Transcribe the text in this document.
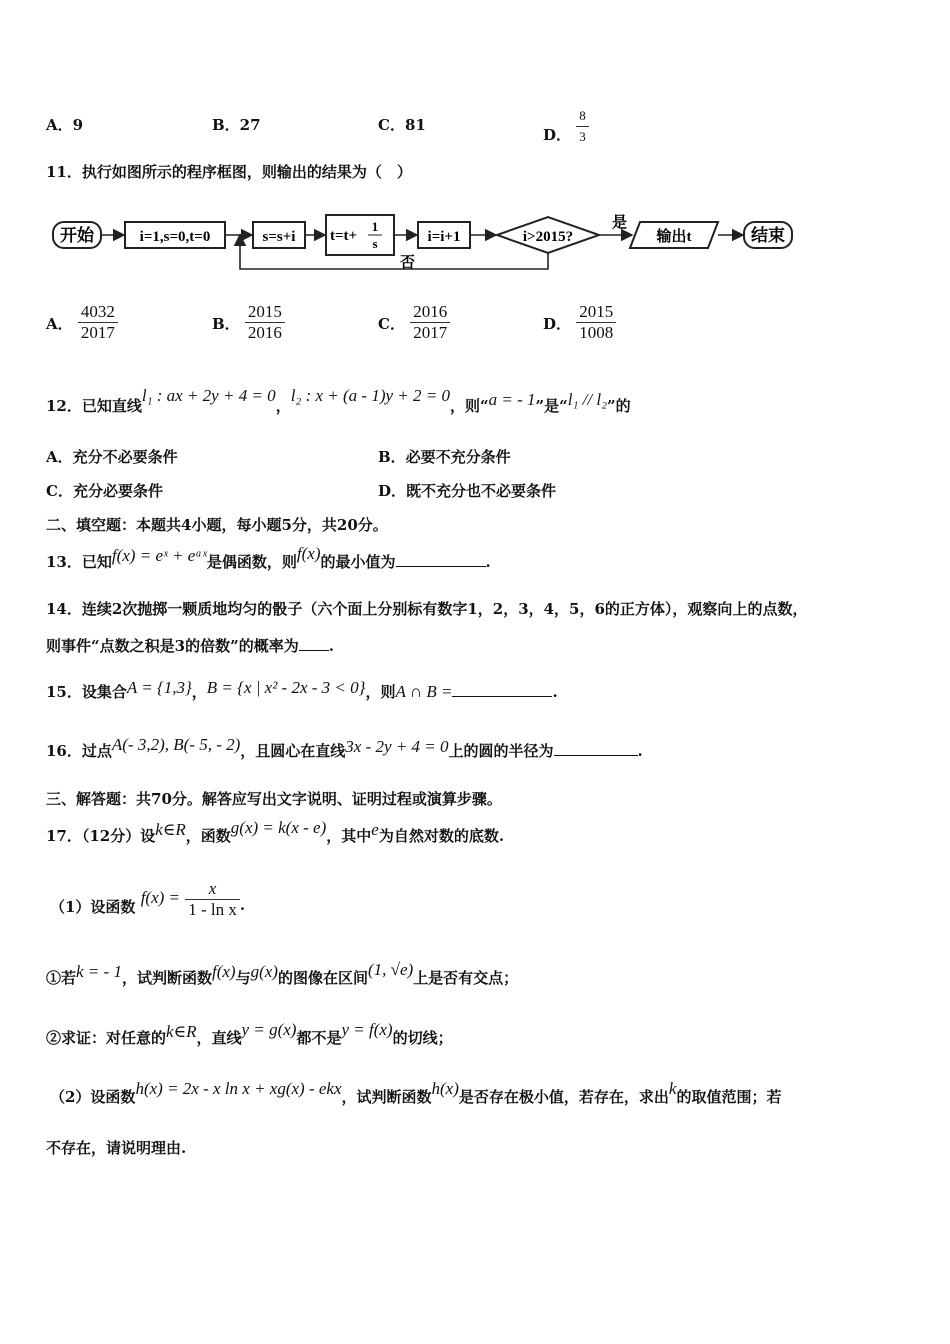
A．9	B．27	C．81
D． $\frac{8}{3}$
11．执行如图所示的程序框图，则输出的结果为（　）
开始	i=1,s=0,t=0	s=s+i t=t+
1
s	i=i+1	i>2015?
是
输出t	结束
否
A． $\frac{4032}{2017}$	B． $\frac{2015}{2016}$	C． $\frac{2016}{2017}$	D． $\frac{2015}{1008}$
12．已知直线l₁ : ax + 2y + 4 = 0，l₂ : x + (a - 1)y + 2 = 0，则“a = - 1”是“l₁ // l₂”的
A．充分不必要条件	B．必要不充分条件
C．充分必要条件	D．既不充分也不必要条件
二、填空题：本题共4小题，每小题5分，共20分。
13．已知f(x) = eˣ + eᵃˣ是偶函数，则f(x)的最小值为	.
14．连续2次抛掷一颗质地均匀的骰子（六个面上分别标有数字1，2，3，4，5，6的正方体），观察向上的点数，
则事件“点数之积是3的倍数”的概率为 .
15．设集合A = {1,3}，B = {x | x² - 2x - 3 < 0}，则A ∩ B =	.
16．过点A(- 3,2), B(- 5, - 2)，且圆心在直线3x - 2y + 4 = 0上的圆的半径为	.
三、解答题：共70分。解答应写出文字说明、证明过程或演算步骤。
17．（12分）设k∈R，函数g(x) = k(x - e)，其中e为自然对数的底数.
（1）设函数 $f(x) = \frac{x}{\text{1 - ln x}}$ .
①若k = - 1，试判断函数f(x)与g(x)的图像在区间(1, √e)上是否有交点；
②求证：对任意的k∈R，直线y = g(x)都不是y = f(x)的切线；
（2）设函数h(x) = 2x - x ln x + xg(x) - ekx，试判断函数h(x)是否存在极小值，若存在，求出k的取值范围；若
不存在，请说明理由.
